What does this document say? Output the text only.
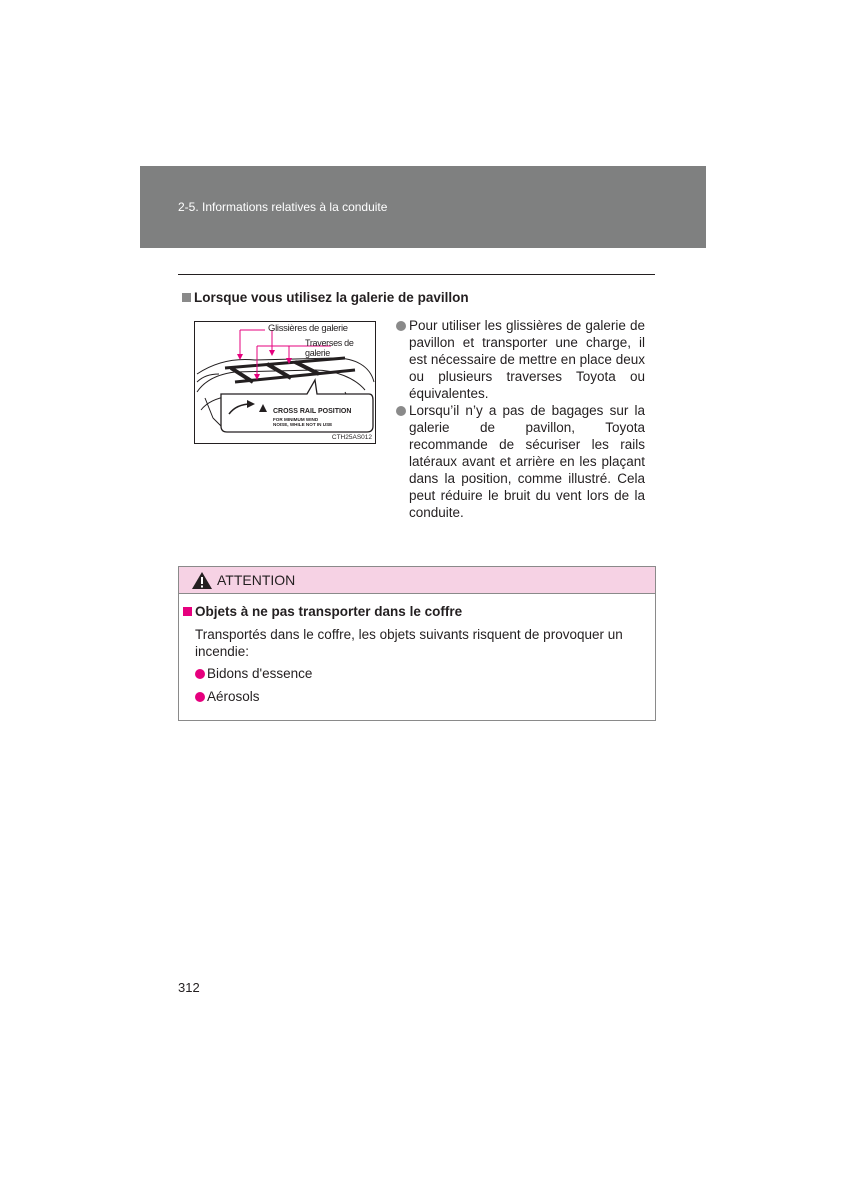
2-5. Informations relatives à la conduite
Lorsque vous utilisez la galerie de pavillon
Glissières de galerie
Traverses de galerie
CROSS RAIL POSITION
FOR MINIMUM WIND NOISE, WHILE NOT IN USE
CTH25AS012
Pour utiliser les glissières de galerie de pavillon et transporter une charge, il est nécessaire de mettre en place deux ou plusieurs traverses Toyota ou équivalentes.
Lorsqu’il n’y a pas de bagages sur la galerie de pavillon, Toyota recommande de sécuriser les rails latéraux avant et arrière en les plaçant dans la position, comme illustré. Cela peut réduire le bruit du vent lors de la conduite.
ATTENTION
Objets à ne pas transporter dans le coffre
Transportés dans le coffre, les objets suivants risquent de provoquer un incendie:
Bidons d'essence
Aérosols
312
